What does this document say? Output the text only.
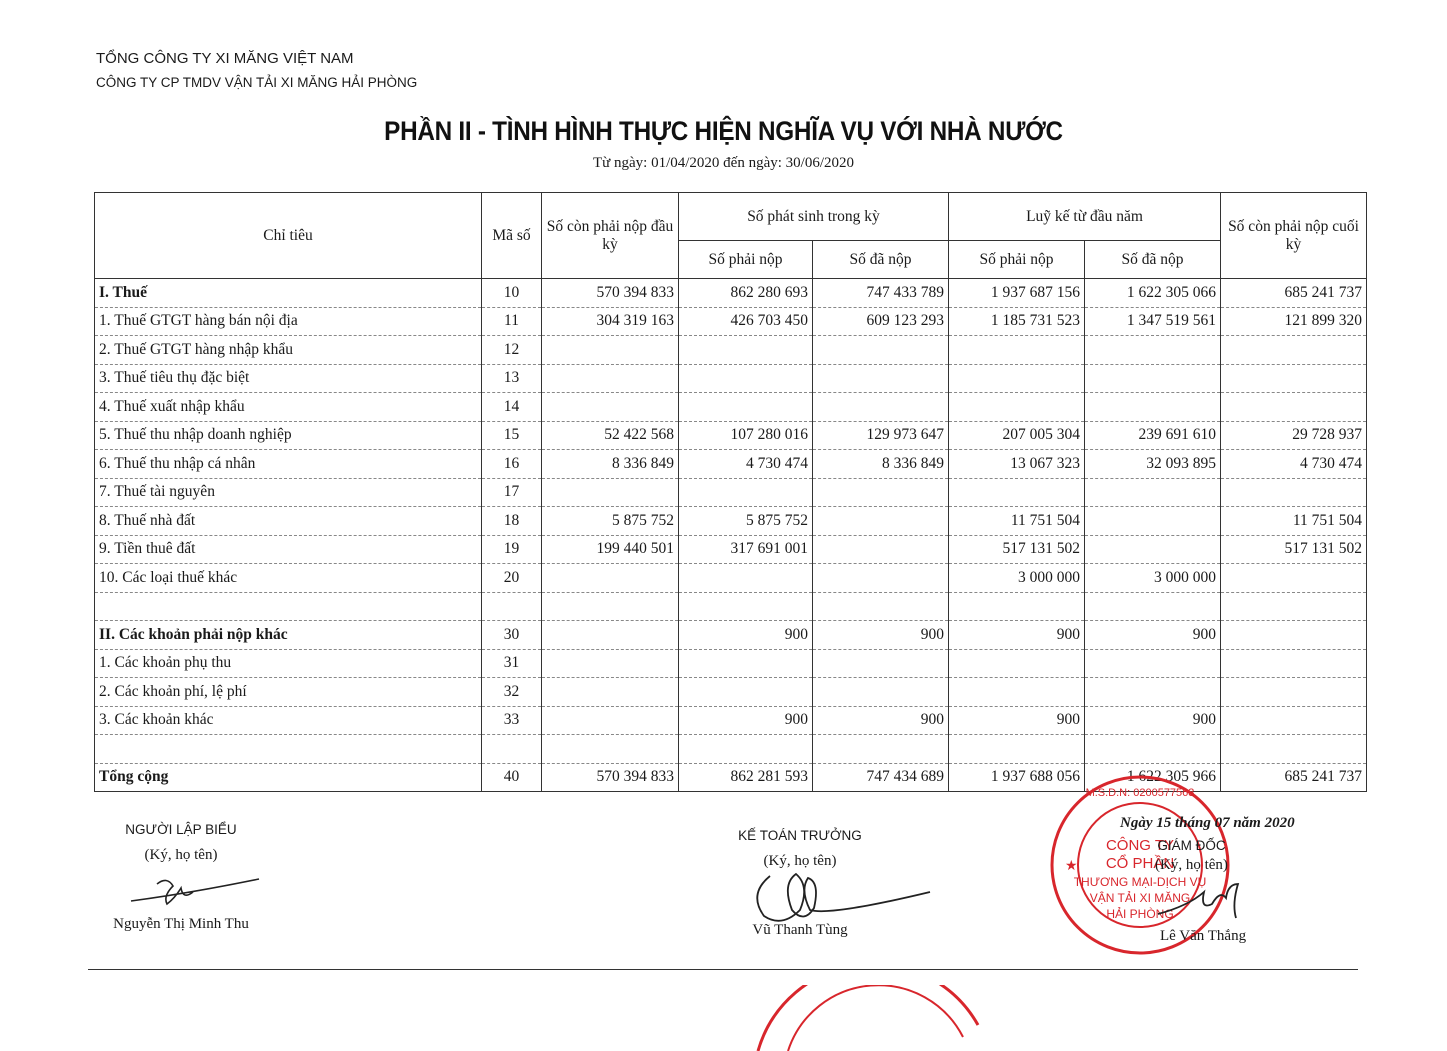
TỔNG CÔNG TY XI MĂNG VIỆT NAM
CÔNG TY CP TMDV VẬN TẢI XI MĂNG HẢI PHÒNG
PHẦN II - TÌNH HÌNH THỰC HIỆN NGHĨA VỤ VỚI NHÀ NƯỚC
Từ ngày: 01/04/2020 đến ngày: 30/06/2020
Chỉ tiêu	Mã số	Số còn phải nộp đầu kỳ	Số phát sinh trong kỳ		Luỹ kế từ đầu năm		Số còn phải nộp cuối kỳ
			Số phải nộp	Số đã nộp	Số phải nộp	Số đã nộp	
I. Thuế	10	570 394 833	862 280 693	747 433 789	1 937 687 156	1 622 305 066	685 241 737
1. Thuế GTGT hàng bán nội địa	11	304 319 163	426 703 450	609 123 293	1 185 731 523	1 347 519 561	121 899 320
2. Thuế GTGT hàng nhập khẩu	12						
3. Thuế tiêu thụ đặc biệt	13						
4. Thuế xuất nhập khẩu	14						
5. Thuế thu nhập doanh nghiệp	15	52 422 568	107 280 016	129 973 647	207 005 304	239 691 610	29 728 937
6. Thuế thu nhập cá nhân	16	8 336 849	4 730 474	8 336 849	13 067 323	32 093 895	4 730 474
7. Thuế tài nguyên	17						
8. Thuế nhà đất	18	5 875 752	5 875 752		11 751 504		11 751 504
9. Tiền thuê đất	19	199 440 501	317 691 001		517 131 502		517 131 502
10. Các loại thuế khác	20				3 000 000	3 000 000	

II. Các khoản phải nộp khác	30		900	900	900	900	
1. Các khoản phụ thu	31						
2. Các khoản phí, lệ phí	32						
3. Các khoản khác	33		900	900	900	900	

Tổng cộng	40	570 394 833	862 281 593	747 434 689	1 937 688 056	1 622 305 966	685 241 737
NGƯỜI LẬP BIỂU
(Ký, họ tên)
Nguyễn Thị Minh Thu
KẾ TOÁN TRƯỞNG
(Ký, họ tên)
Vũ Thanh Tùng
CÔNG TY
CỔ PHẦN
THƯƠNG MẠI-DỊCH VỤ
VẬN TẢI XI MĂNG
HẢI PHÒNG
M.S.D.N: 0200577563
★
Ngày 15 tháng 07 năm 2020
GIÁM ĐỐC
(Ký, họ tên)
Lê Văn Thắng
